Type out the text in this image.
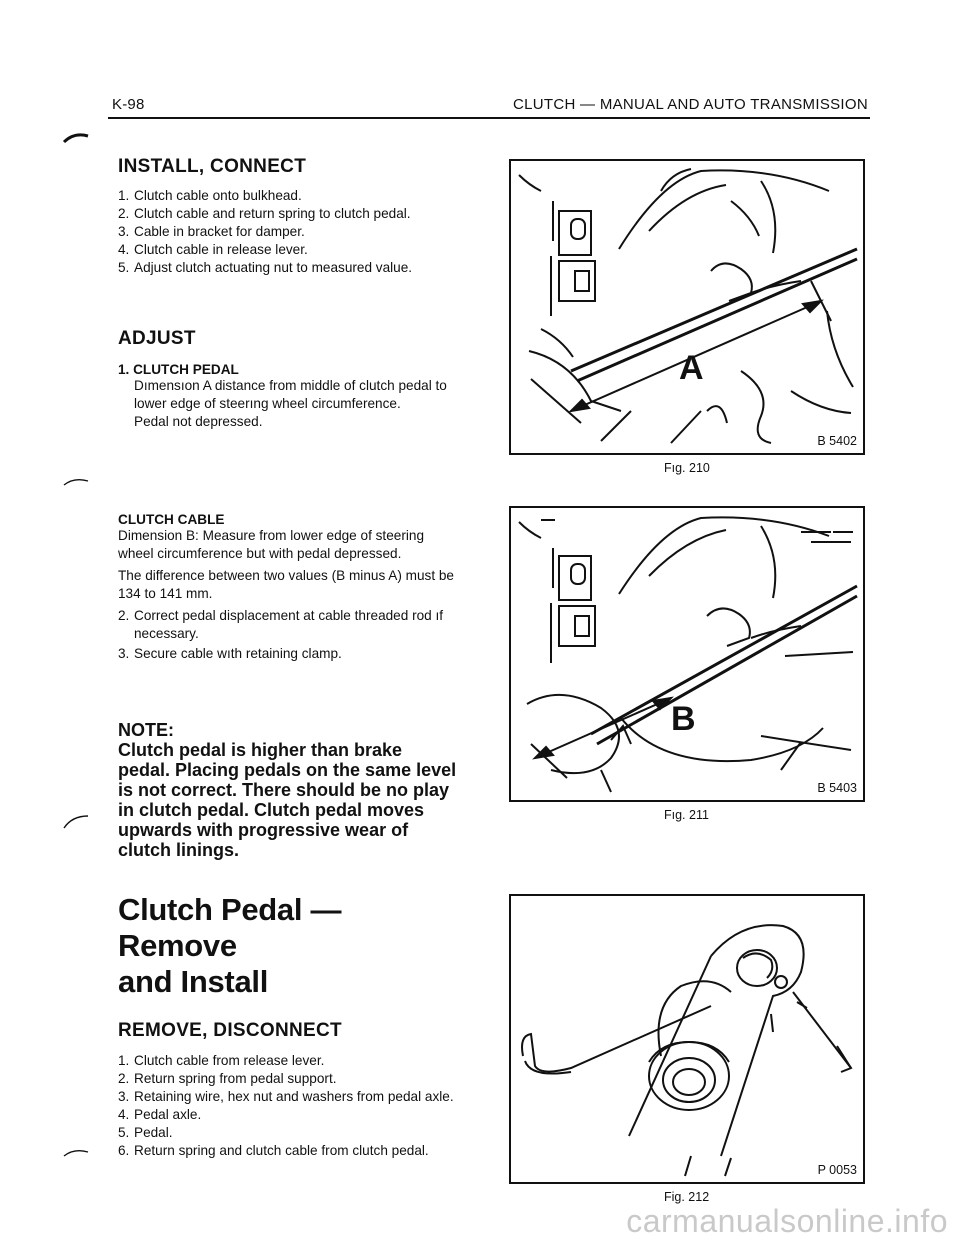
K-98	CLUTCH — MANUAL AND AUTO TRANSMISSION
INSTALL, CONNECT
1. Clutch cable onto bulkhead.
2. Clutch cable and return spring to clutch pedal.
3. Cable in bracket for damper.
4. Clutch cable in release lever.
5. Adjust clutch actuating nut to measured value.
ADJUST
1. CLUTCH PEDAL

Dımensıon A distance from middle of clutch pedal to lower edge of steerıng wheel circumference.

Pedal not depressed.

CLUTCH CABLE

Dimension B: Measure from lower edge of steering wheel circumference but with pedal depressed.

The difference between two values (B minus A) must be 134 to 141 mm.

2. Correct pedal displacement at cable threaded rod ıf necessary.
3. Secure cable wıth retaining clamp.
NOTE:
Clutch pedal is higher than brake pedal. Placing pedals on the same level is not correct. There should be no play in clutch pedal. Clutch pedal moves upwards with progressive wear of clutch linings.
Clutch Pedal — Remove
and Install
REMOVE, DISCONNECT
1. Clutch cable from release lever.
2. Return spring from pedal support.
3. Retaining wire, hex nut and washers from pedal axle.
4. Pedal axle.
5. Pedal.
6. Return spring and clutch cable from clutch pedal.
A
B 5402
Fıg. 210
B
B 5403
Fıg. 211
P 0053
Fig. 212
carmanualsonline.info
